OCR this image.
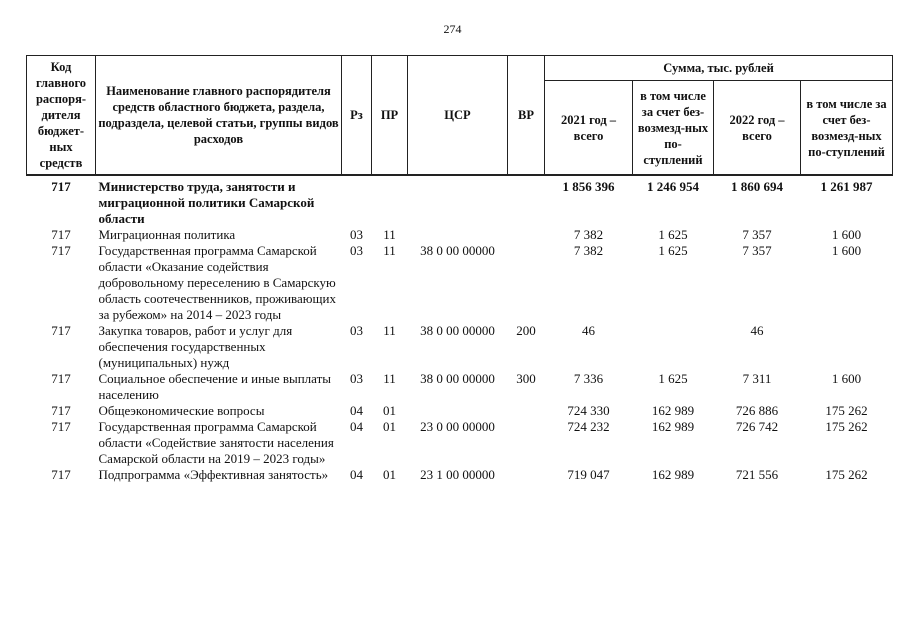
274
Код главного распоря-дителя бюджет-ных средств	Наименование главного распорядителя средств областного бюджета, раздела, подраздела, целевой статьи, группы видов расходов	Рз	ПР	ЦСР	ВР	Сумма, тыс. рублей			
						2021 год – всего	в том числе за счет без-возмезд-ных по-ступлений	2022 год – всего	в том числе за счет без-возмезд-ных по-ступлений
717	Министерство труда, занятости и миграционной политики Самарской области					1 856 396	1 246 954	1 860 694	1 261 987
717	Миграционная политика	03	11			7 382	1 625	7 357	1 600
717	Государственная программа Самарской области «Оказание содействия добровольному переселению в Самарскую область соотечественников, проживающих за рубежом» на 2014 – 2023 годы	03	11	38 0 00 00000		7 382	1 625	7 357	1 600
717	Закупка товаров, работ и услуг для обеспечения государственных (муниципальных) нужд	03	11	38 0 00 00000	200	46		46	
717	Социальное обеспечение и иные выплаты населению	03	11	38 0 00 00000	300	7 336	1 625	7 311	1 600
717	Общеэкономические вопросы	04	01			724 330	162 989	726 886	175 262
717	Государственная программа Самарской области «Содействие занятости населения Самарской области на 2019 – 2023 годы»	04	01	23 0 00 00000		724 232	162 989	726 742	175 262
717	Подпрограмма «Эффективная занятость»	04	01	23 1 00 00000		719 047	162 989	721 556	175 262
